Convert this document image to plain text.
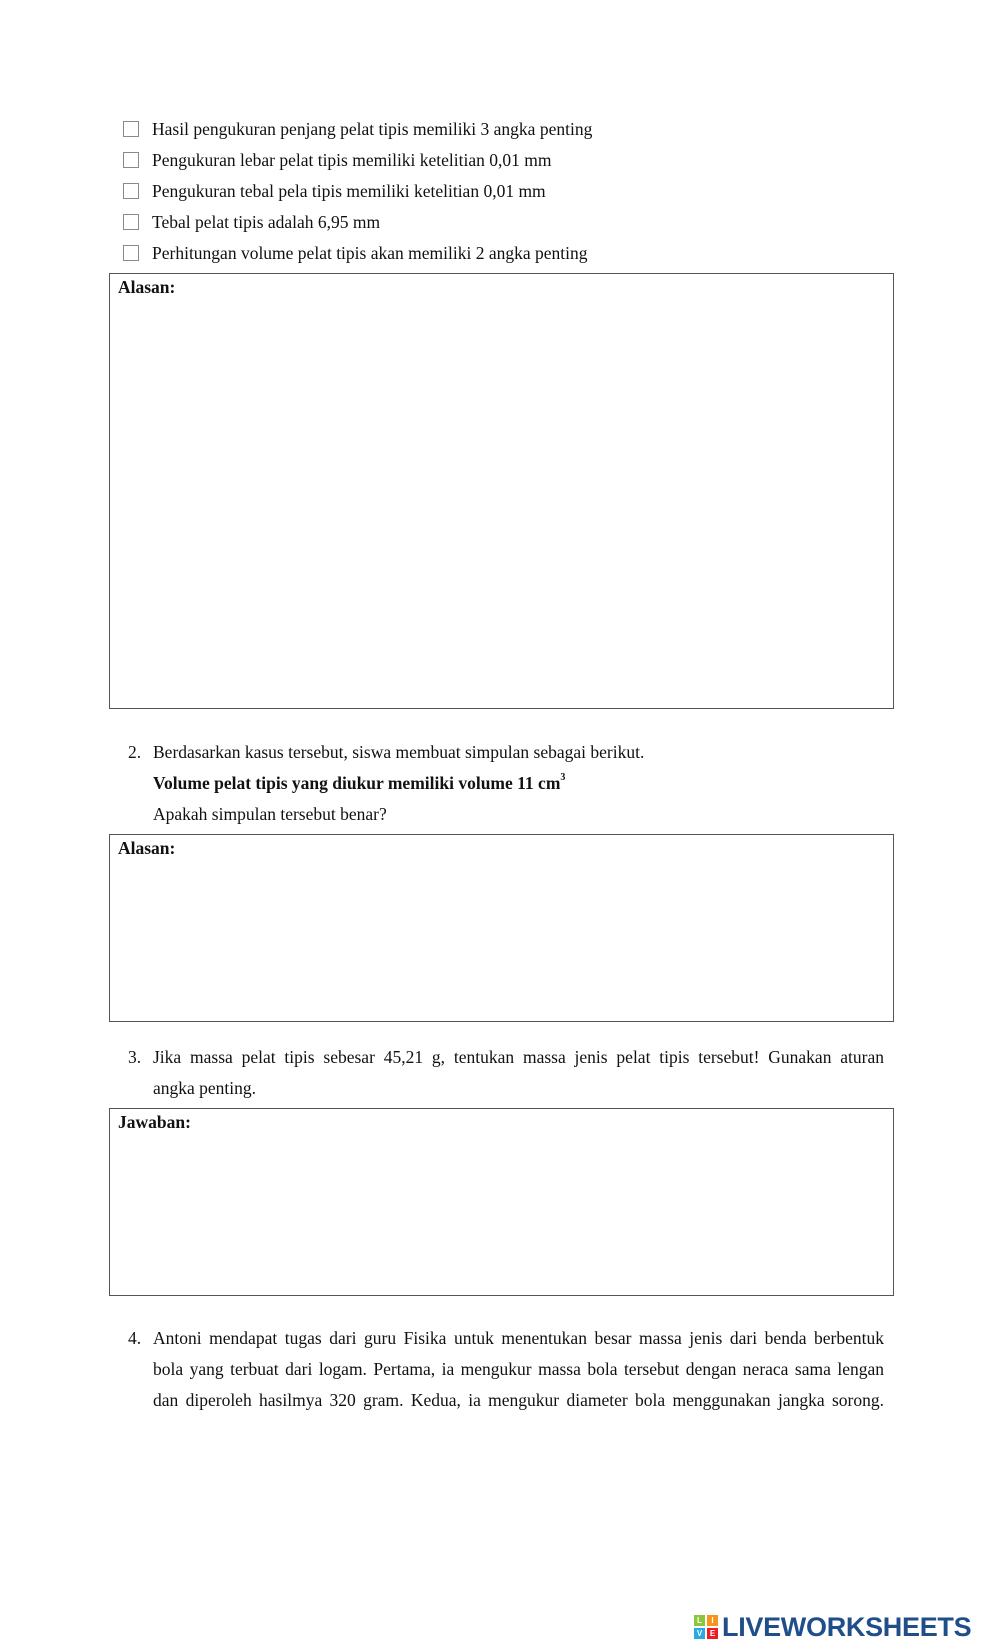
Hasil pengukuran penjang pelat tipis memiliki 3 angka penting
Pengukuran lebar pelat tipis memiliki ketelitian 0,01 mm
Pengukuran tebal pela tipis memiliki ketelitian 0,01 mm
Tebal pelat tipis adalah 6,95 mm
Perhitungan volume pelat tipis akan memiliki 2 angka penting
Alasan:
2. Berdasarkan kasus tersebut, siswa membuat simpulan sebagai berikut.
Volume pelat tipis yang diukur memiliki volume 11 $cm^3$
Apakah simpulan tersebut benar?
Alasan:
3. Jika massa pelat tipis sebesar 45,21 g, tentukan massa jenis pelat tipis tersebut! Gunakan aturan
angka penting.
Jawaban:
4. Antoni mendapat tugas dari guru Fisika untuk menentukan besar massa jenis dari benda berbentuk
bola yang terbuat dari logam. Pertama, ia mengukur massa bola tersebut dengan neraca sama lengan
dan diperoleh hasilmya 320 gram. Kedua, ia mengukur diameter bola menggunakan jangka sorong.
L	I
V E LIVEWORKSHEETS
